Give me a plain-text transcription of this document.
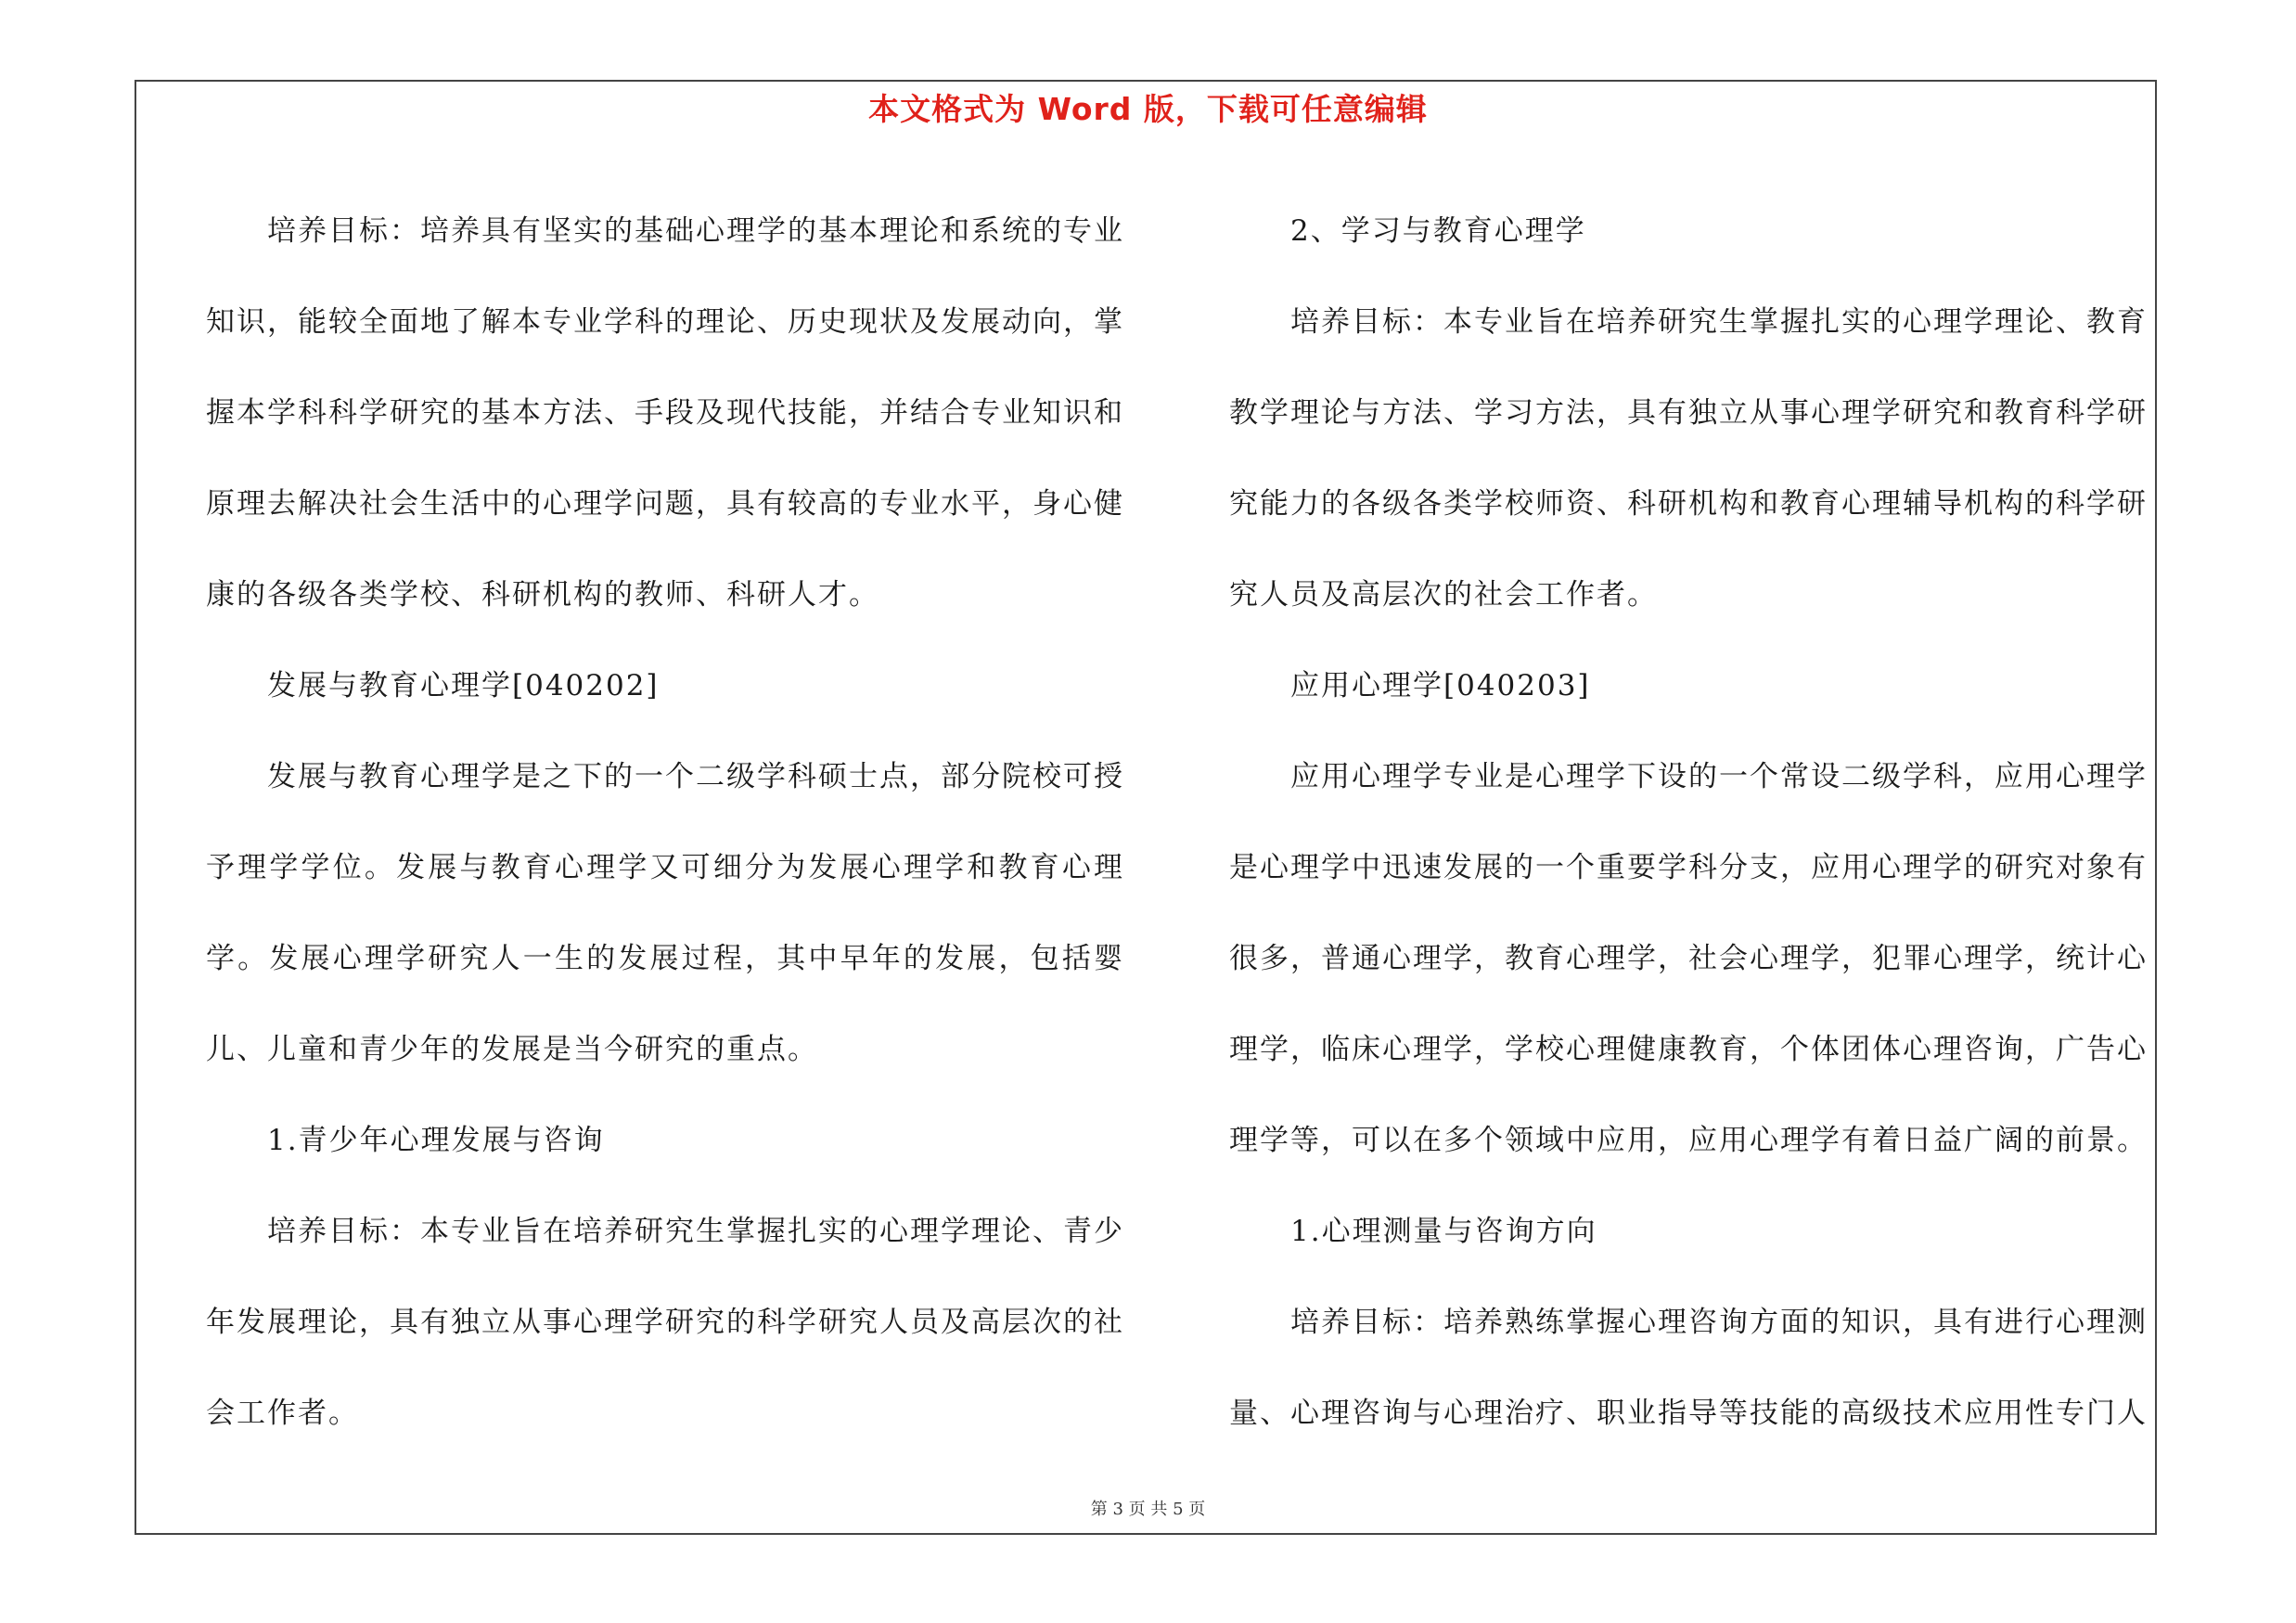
本文格式为 Word 版，下载可任意编辑

培养目标：培养具有坚实的基础心理学的基本理论和系统的专业知识，能较全面地了解本专业学科的理论、历史现状及发展动向，掌握本学科科学研究的基本方法、手段及现代技能，并结合专业知识和原理去解决社会生活中的心理学问题，具有较高的专业水平，身心健康的各级各类学校、科研机构的教师、科研人才。

发展与教育心理学[040202]

发展与教育心理学是之下的一个二级学科硕士点，部分院校可授予理学学位。发展与教育心理学又可细分为发展心理学和教育心理学。发展心理学研究人一生的发展过程，其中早年的发展，包括婴儿、儿童和青少年的发展是当今研究的重点。

1.青少年心理发展与咨询

培养目标：本专业旨在培养研究生掌握扎实的心理学理论、青少年发展理论，具有独立从事心理学研究的科学研究人员及高层次的社会工作者。

2、学习与教育心理学

培养目标：本专业旨在培养研究生掌握扎实的心理学理论、教育教学理论与方法、学习方法，具有独立从事心理学研究和教育科学研究能力的各级各类学校师资、科研机构和教育心理辅导机构的科学研究人员及高层次的社会工作者。

应用心理学[040203]

应用心理学专业是心理学下设的一个常设二级学科，应用心理学是心理学中迅速发展的一个重要学科分支，应用心理学的研究对象有很多，普通心理学，教育心理学，社会心理学，犯罪心理学，统计心理学，临床心理学，学校心理健康教育，个体团体心理咨询，广告心理学等，可以在多个领域中应用，应用心理学有着日益广阔的前景。

1.心理测量与咨询方向

培养目标：培养熟练掌握心理咨询方面的知识，具有进行心理测量、心理咨询与心理治疗、职业指导等技能的高级技术应用性专门人

第 3 页 共 5 页
